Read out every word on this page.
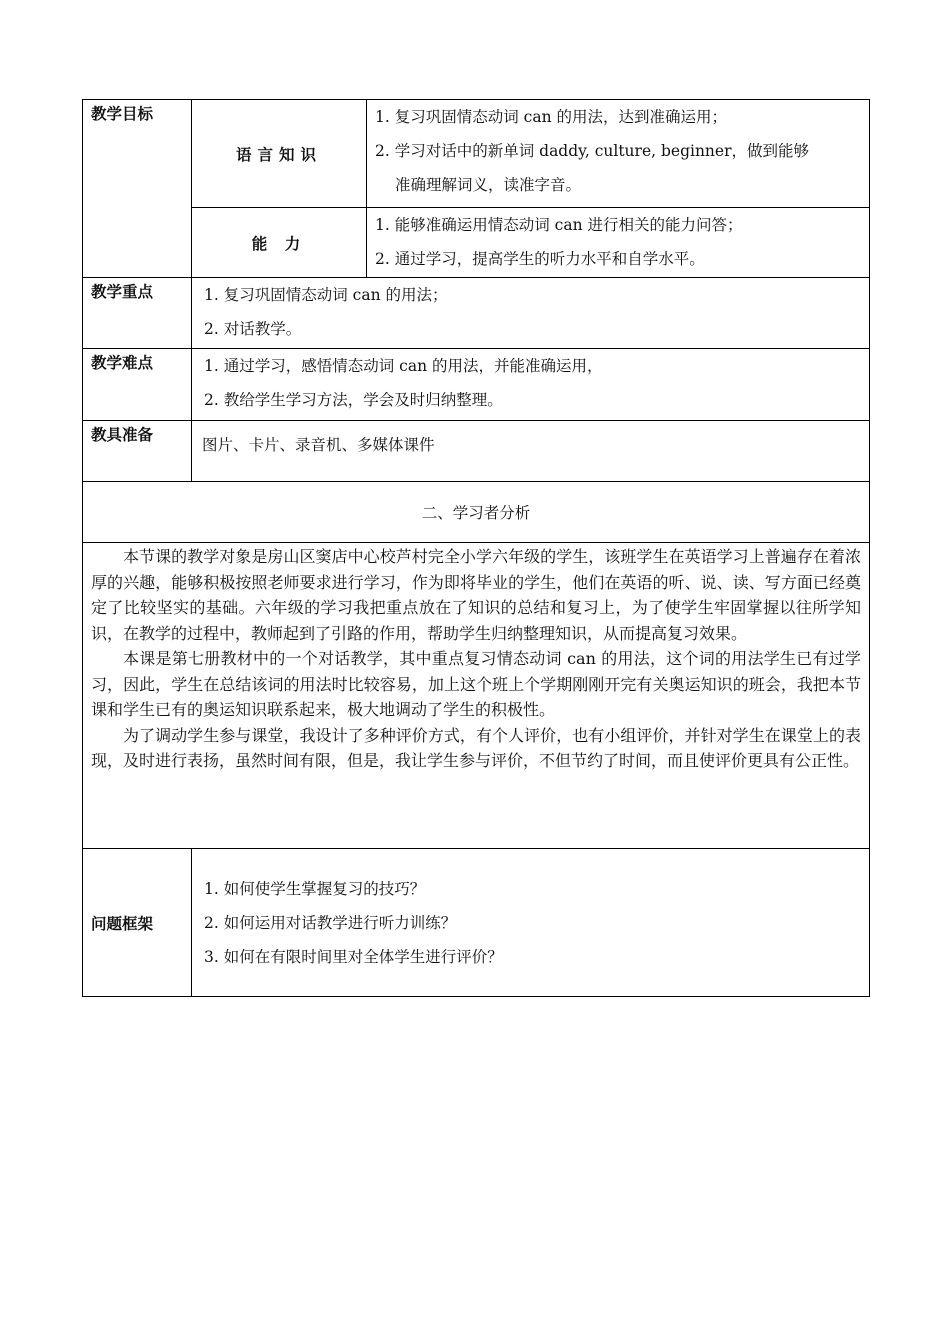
教学目标	语言知识	1. 复习巩固情态动词 can 的用法，达到准确运用；
2. 学习对话中的新单词 daddy, culture, beginner，做到能够
准确理解词义，读准字音。

	能 力	1. 能够准确运用情态动词 can 进行相关的能力问答；
2. 通过学习，提高学生的听力水平和自学水平。

教学重点	1. 复习巩固情态动词 can 的用法；
2. 对话教学。	

教学难点	1. 通过学习，感悟情态动词 can 的用法，并能准确运用，
2. 教给学生学习方法，学会及时归纳整理。	

教具准备	图片、卡片、录音机、多媒体课件	

二、学习者分析		

本节课的教学对象是房山区窦店中心校芦村完全小学六年级的学生，该班学生在英语学习上普遍存在着浓厚的兴趣，能够积极按照老师要求进行学习，作为即将毕业的学生，他们在英语的听、说、读、写方面已经奠定了比较坚实的基础。六年级的学习我把重点放在了知识的总结和复习上，为了使学生牢固掌握以往所学知识，在教学的过程中，教师起到了引路的作用，帮助学生归纳整理知识，从而提高复习效果。
本课是第七册教材中的一个对话教学，其中重点复习情态动词 can 的用法，这个词的用法学生已有过学习，因此，学生在总结该词的用法时比较容易，加上这个班上个学期刚刚开完有关奥运知识的班会，我把本节课和学生已有的奥运知识联系起来，极大地调动了学生的积极性。
为了调动学生参与课堂，我设计了多种评价方式，有个人评价，也有小组评价，并针对学生在课堂上的表现，及时进行表扬，虽然时间有限，但是，我让学生参与评价，不但节约了时间，而且使评价更具有公正性。		

问题框架	1. 如何使学生掌握复习的技巧？
2. 如何运用对话教学进行听力训练？
3. 如何在有限时间里对全体学生进行评价？	
